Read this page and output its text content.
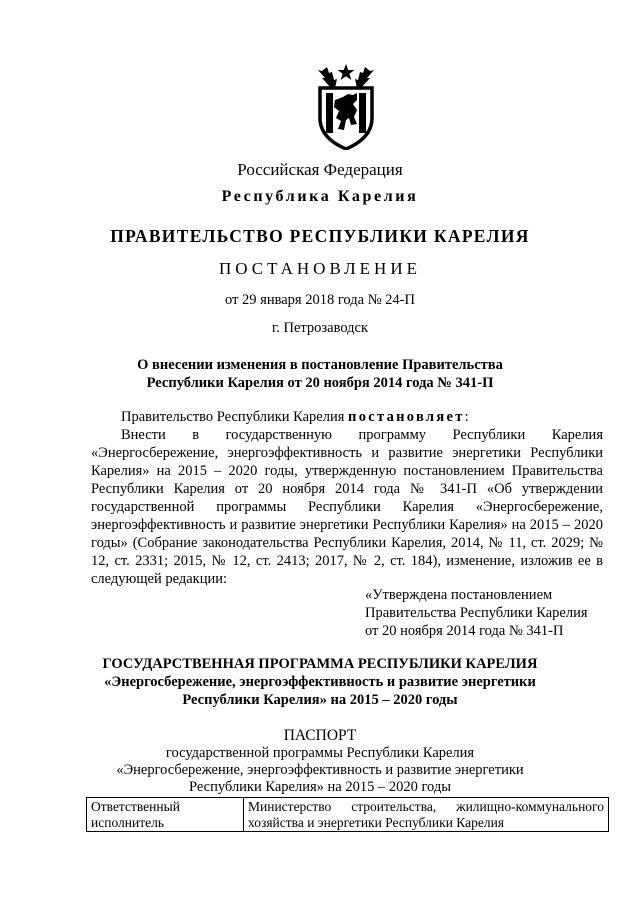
Российская Федерация
Республика Карелия
ПРАВИТЕЛЬСТВО РЕСПУБЛИКИ КАРЕЛИЯ
ПОСТАНОВЛЕНИЕ
от 29 января 2018 года № 24-П
г. Петрозаводск
О внесении изменения в постановление Правительства
Республики Карелия от 20 ноября 2014 года № 341-П
Правительство Республики Карелия постановляет:
Внести в государственную программу Республики Карелия «Энергосбережение, энергоэффективность и развитие энергетики Республики Карелия» на 2015 – 2020 годы, утвержденную постановлением Правительства Республики Карелия от 20 ноября 2014 года № 341-П «Об утверждении государственной программы Республики Карелия «Энергосбережение, энергоэффективность и развитие энергетики Республики Карелия» на 2015 – 2020 годы» (Собрание законодательства Республики Карелия, 2014, № 11, ст. 2029; № 12, ст. 2331; 2015, № 12, ст. 2413; 2017, № 2, ст. 184), изменение, изложив ее в следующей редакции:
«Утверждена постановлением
Правительства Республики Карелия
от 20 ноября 2014 года № 341-П
ГОСУДАРСТВЕННАЯ ПРОГРАММА РЕСПУБЛИКИ КАРЕЛИЯ
«Энергосбережение, энергоэффективность и развитие энергетики
Республики Карелия» на 2015 – 2020 годы
ПАСПОРТ
государственной программы Республики Карелия
«Энергосбережение, энергоэффективность и развитие энергетики
Республики Карелия» на 2015 – 2020 годы
Ответственный исполнитель	Министерство строительства, жилищно-коммунального хозяйства и энергетики Республики Карелия
